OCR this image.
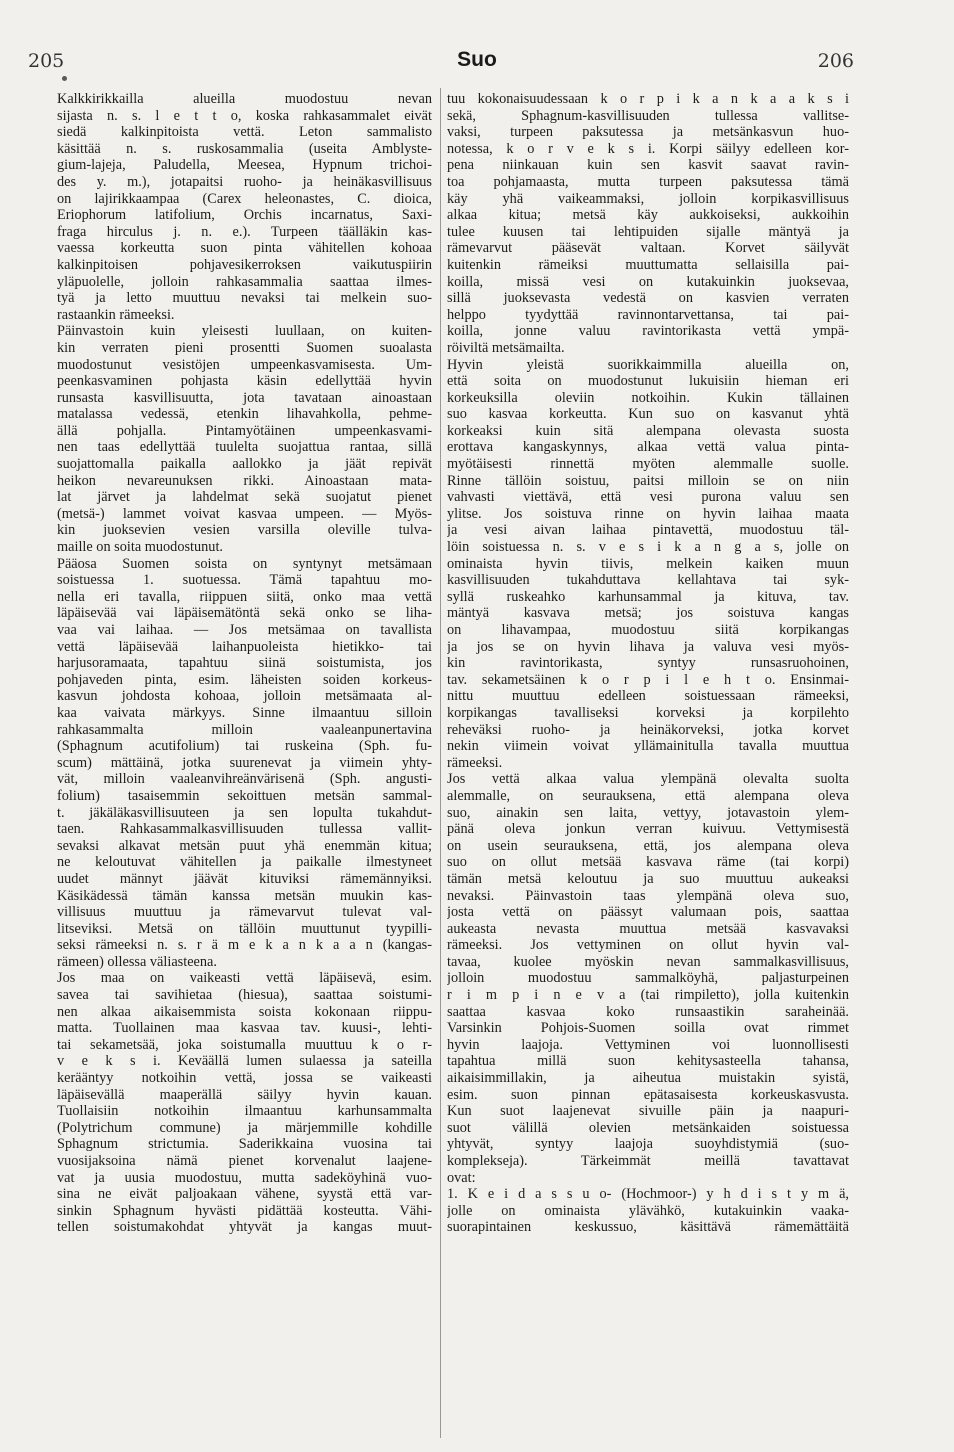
205	Suo	206
Kalkkirikkailla alueilla muodostuu nevan
sijasta n. s. l e t t o, koska rahkasammalet eivät
siedä kalkinpitoista vettä. Leton sammalisto
käsittää n. s. ruskosammalia (useita Amblyste-
gium-lajeja, Paludella, Meesea, Hypnum trichoi-
des y. m.), jotapaitsi ruoho- ja heinäkasvillisuus
on lajirikkaampaa (Carex heleonastes, C. dioica,
Eriophorum latifolium, Orchis incarnatus, Saxi-
fraga hirculus j. n. e.). Turpeen täälläkin kas-
vaessa korkeutta suon pinta vähitellen kohoaa
kalkinpitoisen pohjavesikerroksen vaikutuspiirin
yläpuolelle, jolloin rahkasammalia saattaa ilmes-
tyä ja letto muuttuu nevaksi tai melkein suo-
rastaankin rämeeksi.
Päinvastoin kuin yleisesti luullaan, on kuiten-
kin verraten pieni prosentti Suomen suoalasta
muodostunut vesistöjen umpeenkasvamisesta. Um-
peenkasvaminen pohjasta käsin edellyttää hyvin
runsasta kasvillisuutta, jota tavataan ainoastaan
matalassa vedessä, etenkin lihavahkolla, pehme-
ällä pohjalla. Pintamyötäinen umpeenkasvami-
nen taas edellyttää tuulelta suojattua rantaa, sillä
suojattomalla paikalla aallokko ja jäät repivät
heikon nevareunuksen rikki. Ainoastaan mata-
lat järvet ja lahdelmat sekä suojatut pienet
(metsä-) lammet voivat kasvaa umpeen. — Myös-
kin juoksevien vesien varsilla oleville tulva-
maille on soita muodostunut.
Pääosa Suomen soista on syntynyt metsämaan
soistuessa 1. suotuessa. Tämä tapahtuu mo-
nella eri tavalla, riippuen siitä, onko maa vettä
läpäisevää vai läpäisemätöntä sekä onko se liha-
vaa vai laihaa. — Jos metsämaa on tavallista
vettä läpäisevää laihanpuoleista hietikko- tai
harjusoramaata, tapahtuu siinä soistumista, jos
pohjaveden pinta, esim. läheisten soiden korkeus-
kasvun johdosta kohoaa, jolloin metsämaata al-
kaa vaivata märkyys. Sinne ilmaantuu silloin
rahkasammalta milloin vaaleanpunertavina
(Sphagnum acutifolium) tai ruskeina (Sph. fu-
scum) mättäinä, jotka suurenevat ja viimein yhty-
vät, milloin vaaleanvihreänvärisenä (Sph. angusti-
folium) tasaisemmin sekoittuen metsän sammal-
t. jäkäläkasvillisuuteen ja sen lopulta tukahdut-
taen. Rahkasammalkasvillisuuden tullessa vallit-
sevaksi alkavat metsän puut yhä enemmän kitua;
ne keloutuvat vähitellen ja paikalle ilmestyneet
uudet männyt jäävät kituviksi rämemännyiksi.
Käsikädessä tämän kanssa metsän muukin kas-
villisuus muuttuu ja rämevarvut tulevat val-
litseviksi. Metsä on tällöin muuttunut tyypilli-
seksi rämeeksi n. s. r ä m e k a n k a a n (kangas-
rämeen) ollessa väliasteena.
Jos maa on vaikeasti vettä läpäisevä, esim.
savea tai savihietaa (hiesua), saattaa soistumi-
nen alkaa aikaisemmista soista kokonaan riippu-
matta. Tuollainen maa kasvaa tav. kuusi-, lehti-
tai sekametsää, joka soistumalla muuttuu k o r-
v e k s i. Keväällä lumen sulaessa ja sateilla
kerääntyy notkoihin vettä, jossa se vaikeasti
läpäisevällä maaperällä säilyy hyvin kauan.
Tuollaisiin notkoihin ilmaantuu karhunsammalta
(Polytrichum commune) ja märjemmille kohdille
Sphagnum strictumia. Saderikkaina vuosina tai
vuosijaksoina nämä pienet korvenalut laajene-
vat ja uusia muodostuu, mutta sadeköyhinä vuo-
sina ne eivät paljoakaan vähene, syystä että var-
sinkin Sphagnum hyvästi pidättää kosteutta. Vähi-
tellen soistumakohdat yhtyvät ja kangas muut-
tuu kokonaisuudessaan k o r p i k a n k a a k s i
sekä, Sphagnum-kasvillisuuden tullessa vallitse-
vaksi, turpeen paksutessa ja metsänkasvun huo-
notessa, k o r v e k s i. Korpi säilyy edelleen kor-
pena niinkauan kuin sen kasvit saavat ravin-
toa pohjamaasta, mutta turpeen paksutessa tämä
käy yhä vaikeammaksi, jolloin korpikasvillisuus
alkaa kitua; metsä käy aukkoiseksi, aukkoihin
tulee kuusen tai lehtipuiden sijalle mäntyä ja
rämevarvut pääsevät valtaan. Korvet säilyvät
kuitenkin rämeiksi muuttumatta sellaisilla pai-
koilla, missä vesi on kutakuinkin juoksevaa,
sillä juoksevasta vedestä on kasvien verraten
helppo tyydyttää ravinnontarvettansa, tai pai-
koilla, jonne valuu ravintorikasta vettä ympä-
röiviltä metsämailta.
Hyvin yleistä suorikkaimmilla alueilla on,
että soita on muodostunut lukuisiin hieman eri
korkeuksilla oleviin notkoihin. Kukin tällainen
suo kasvaa korkeutta. Kun suo on kasvanut yhtä
korkeaksi kuin sitä alempana olevasta suosta
erottava kangaskynnys, alkaa vettä valua pinta-
myötäisesti rinnettä myöten alemmalle suolle.
Rinne tällöin soistuu, paitsi milloin se on niin
vahvasti viettävä, että vesi purona valuu sen
ylitse. Jos soistuva rinne on hyvin laihaa maata
ja vesi aivan laihaa pintavettä, muodostuu täl-
löin soistuessa n. s. v e s i k a n g a s, jolle on
ominaista hyvin tiivis, melkein kaiken muun
kasvillisuuden tukahduttava kellahtava tai syk-
syllä ruskeahko karhunsammal ja kituva, tav.
mäntyä kasvava metsä; jos soistuva kangas
on lihavampaa, muodostuu siitä korpikangas
ja jos se on hyvin lihava ja valuva vesi myös-
kin ravintorikasta, syntyy runsasruohoinen,
tav. sekametsäinen k o r p i l e h t o. Ensinmai-
nittu muuttuu edelleen soistuessaan rämeeksi,
korpikangas tavalliseksi korveksi ja korpilehto
reheväksi ruoho- ja heinäkorveksi, jotka korvet
nekin viimein voivat yllämainitulla tavalla muuttua
rämeeksi.
Jos vettä alkaa valua ylempänä olevalta suolta
alemmalle, on seurauksena, että alempana oleva
suo, ainakin sen laita, vettyy, jotavastoin ylem-
pänä oleva jonkun verran kuivuu. Vettymisestä
on usein seurauksena, että, jos alempana oleva
suo on ollut metsää kasvava räme (tai korpi)
tämän metsä keloutuu ja suo muuttuu aukeaksi
nevaksi. Päinvastoin taas ylempänä oleva suo,
josta vettä on päässyt valumaan pois, saattaa
aukeasta nevasta muuttua metsää kasvavaksi
rämeeksi. Jos vettyminen on ollut hyvin val-
tavaa, kuolee myöskin nevan sammalkasvillisuus,
jolloin muodostuu sammalköyhä, paljasturpeinen
r i m p i n e v a (tai rimpiletto), jolla kuitenkin
saattaa kasvaa koko runsaastikin saraheinää.
Varsinkin Pohjois-Suomen soilla ovat rimmet
hyvin laajoja. Vettyminen voi luonnollisesti
tapahtua millä suon kehitysasteella tahansa,
aikaisimmillakin, ja aiheutua muistakin syistä,
esim. suon pinnan epätasaisesta korkeuskasvusta.
Kun suot laajenevat sivuille päin ja naapuri-
suot välillä olevien metsänkaiden soistuessa
yhtyvät, syntyy laajoja suoyhdistymiä (suo-
komplekseja). Tärkeimmät meillä tavattavat
ovat:
1. K e i d a s s u o- (Hochmoor-) y h d i s t y m ä,
jolle on ominaista ylävähkö, kutakuinkin vaaka-
suorapintainen keskussuo, käsittävä rämemättäitä
